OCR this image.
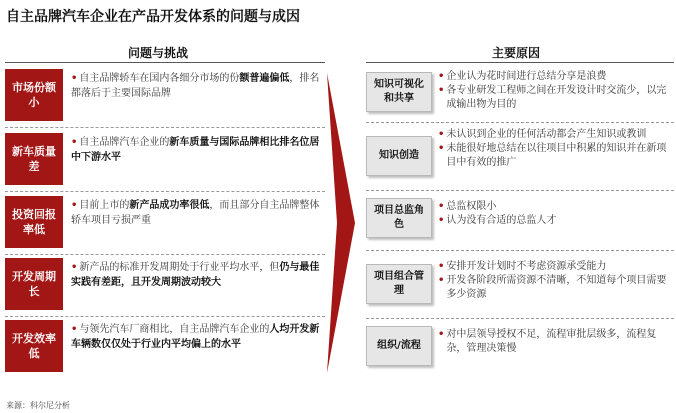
自主品牌汽车企业在产品开发体系的问题与成因
问题与挑战	主要原因
市场份额小
• 自主品牌轿车在国内各细分市场的份额普遍偏低，排名都落后于主要国际品牌
新车质量差
• 自主品牌汽车企业的新车质量与国际品牌相比排名位居中下游水平
投资回报率低
• 目前上市的新产品成功率很低，而且部分自主品牌整体轿车项目亏损严重
开发周期长
• 新产品的标准开发周期处于行业平均水平，但仍与最佳实践有差距，且开发周期波动较大
开发效率低
• 与领先汽车厂商相比，自主品牌汽车企业的人均开发新车辆数仅仅处于行业内平均偏上的水平
知识可视化和共享
• 企业认为花时间进行总结分享是浪费
• 各专业研发工程师之间在开发设计时交流少，以完成输出物为目的
知识创造
• 未认识到企业的任何活动都会产生知识或教训
• 未能很好地总结在以往项目中积累的知识并在新项目中有效的推广
项目总监角色
• 总监权限小
• 认为没有合适的总监人才
项目组合管理
• 安排开发计划时不考虑资源承受能力
• 开发各阶段所需资源不清晰，不知道每个项目需要多少资源
组织/流程
• 对中层领导授权不足，流程审批层级多，流程复杂，管理决策慢
来源：科尔尼分析
